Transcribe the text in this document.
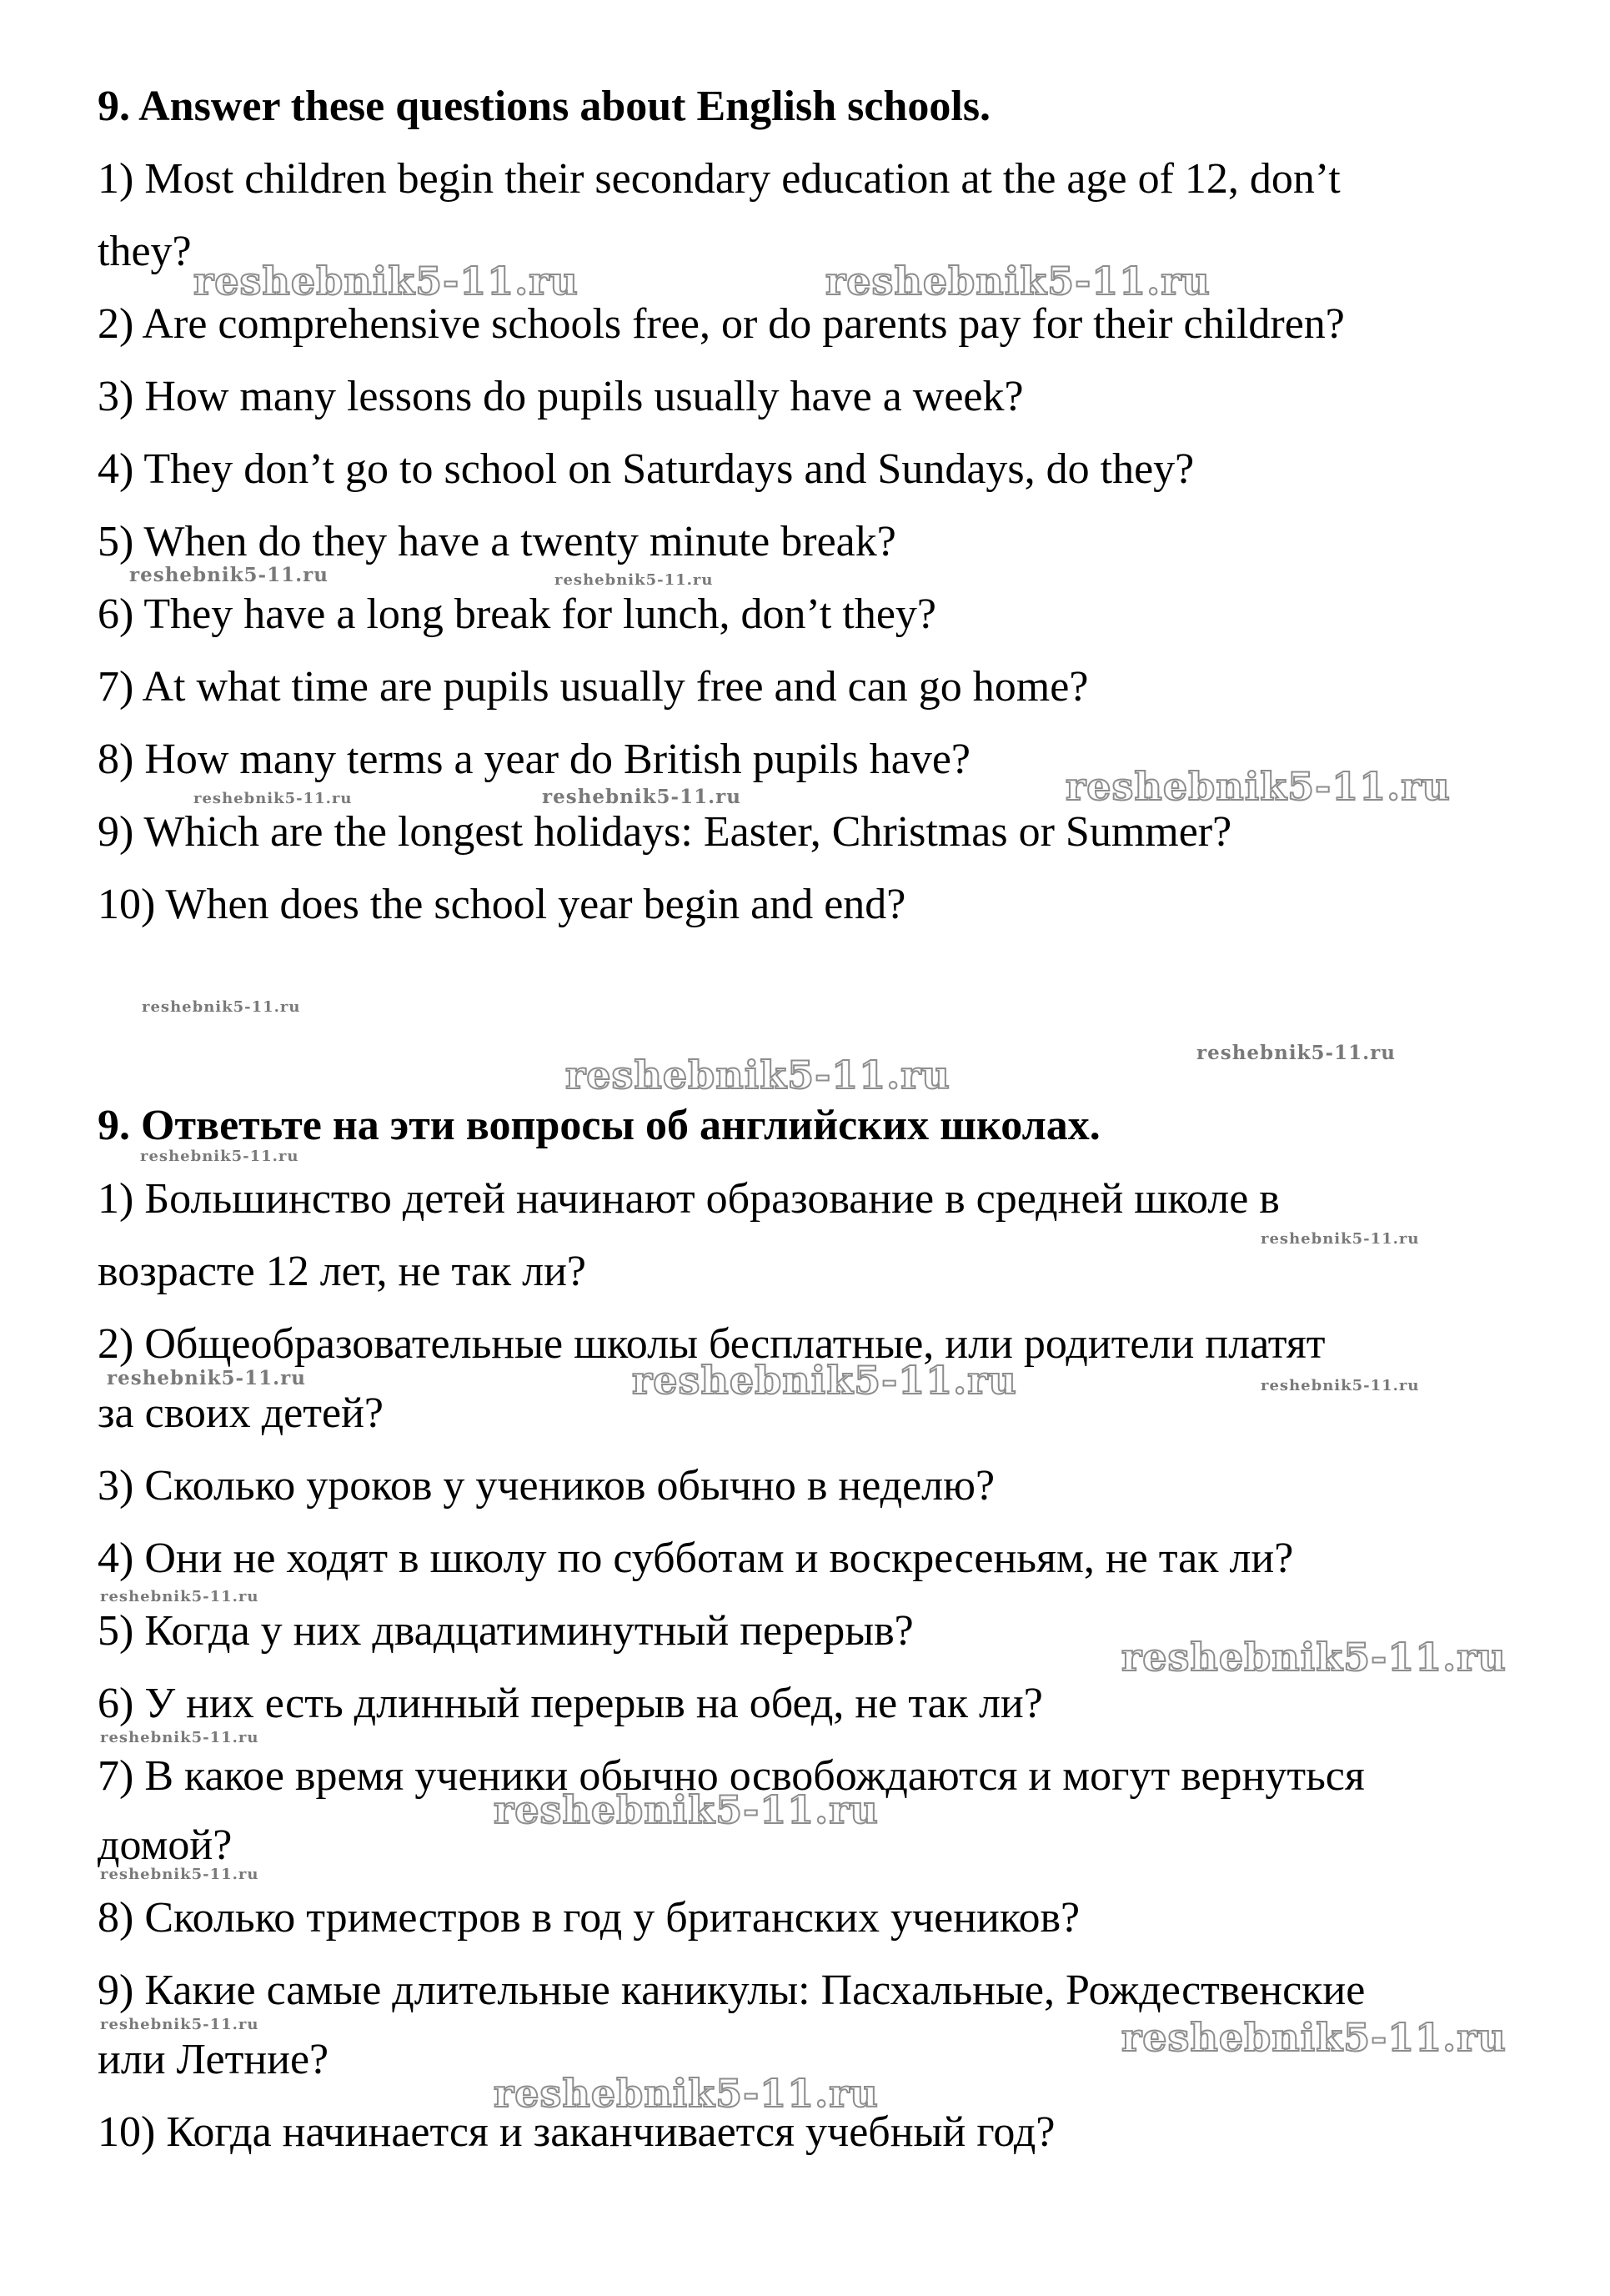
9. Answer these questions about English schools.
1) Most children begin their secondary education at the age of 12, don’t
they?
2) Are comprehensive schools free, or do parents pay for their children?
3) How many lessons do pupils usually have a week?
4) They don’t go to school on Saturdays and Sundays, do they?
5) When do they have a twenty minute break?
6) They have a long break for lunch, don’t they?
7) At what time are pupils usually free and can go home?
8) How many terms a year do British pupils have?
9) Which are the longest holidays: Easter, Christmas or Summer?
10) When does the school year begin and end?
9. Ответьте на эти вопросы об английских школах.
1) Большинство детей начинают образование в средней школе в
возрасте 12 лет, не так ли?
2) Общеобразовательные школы бесплатные, или родители платят
за своих детей?
3) Сколько уроков у учеников обычно в неделю?
4) Они не ходят в школу по субботам и воскресеньям, не так ли?
5) Когда у них двадцатиминутный перерыв?
6) У них есть длинный перерыв на обед, не так ли?
7) В какое время ученики обычно освобождаются и могут вернуться
домой?
8) Сколько триместров в год у британских учеников?
9) Какие самые длительные каникулы: Пасхальные, Рождественские
или Летние?
10) Когда начинается и заканчивается учебный год?
reshebnik5-11.ru	reshebnik5-11.ru
reshebnik5-11.ru	reshebnik5-11.ru
reshebnik5-11.ru
reshebnik5-11.ru	reshebnik5-11.ru
reshebnik5-11.ru
reshebnik5-11.ru
reshebnik5-11.ru
reshebnik5-11.ru
reshebnik5-11.ru
reshebnik5-11.ru	reshebnik5-11.ru	reshebnik5-11.ru
reshebnik5-11.ru
reshebnik5-11.ru
reshebnik5-11.ru
reshebnik5-11.ru
reshebnik5-11.ru
reshebnik5-11.ru	reshebnik5-11.ru
reshebnik5-11.ru
